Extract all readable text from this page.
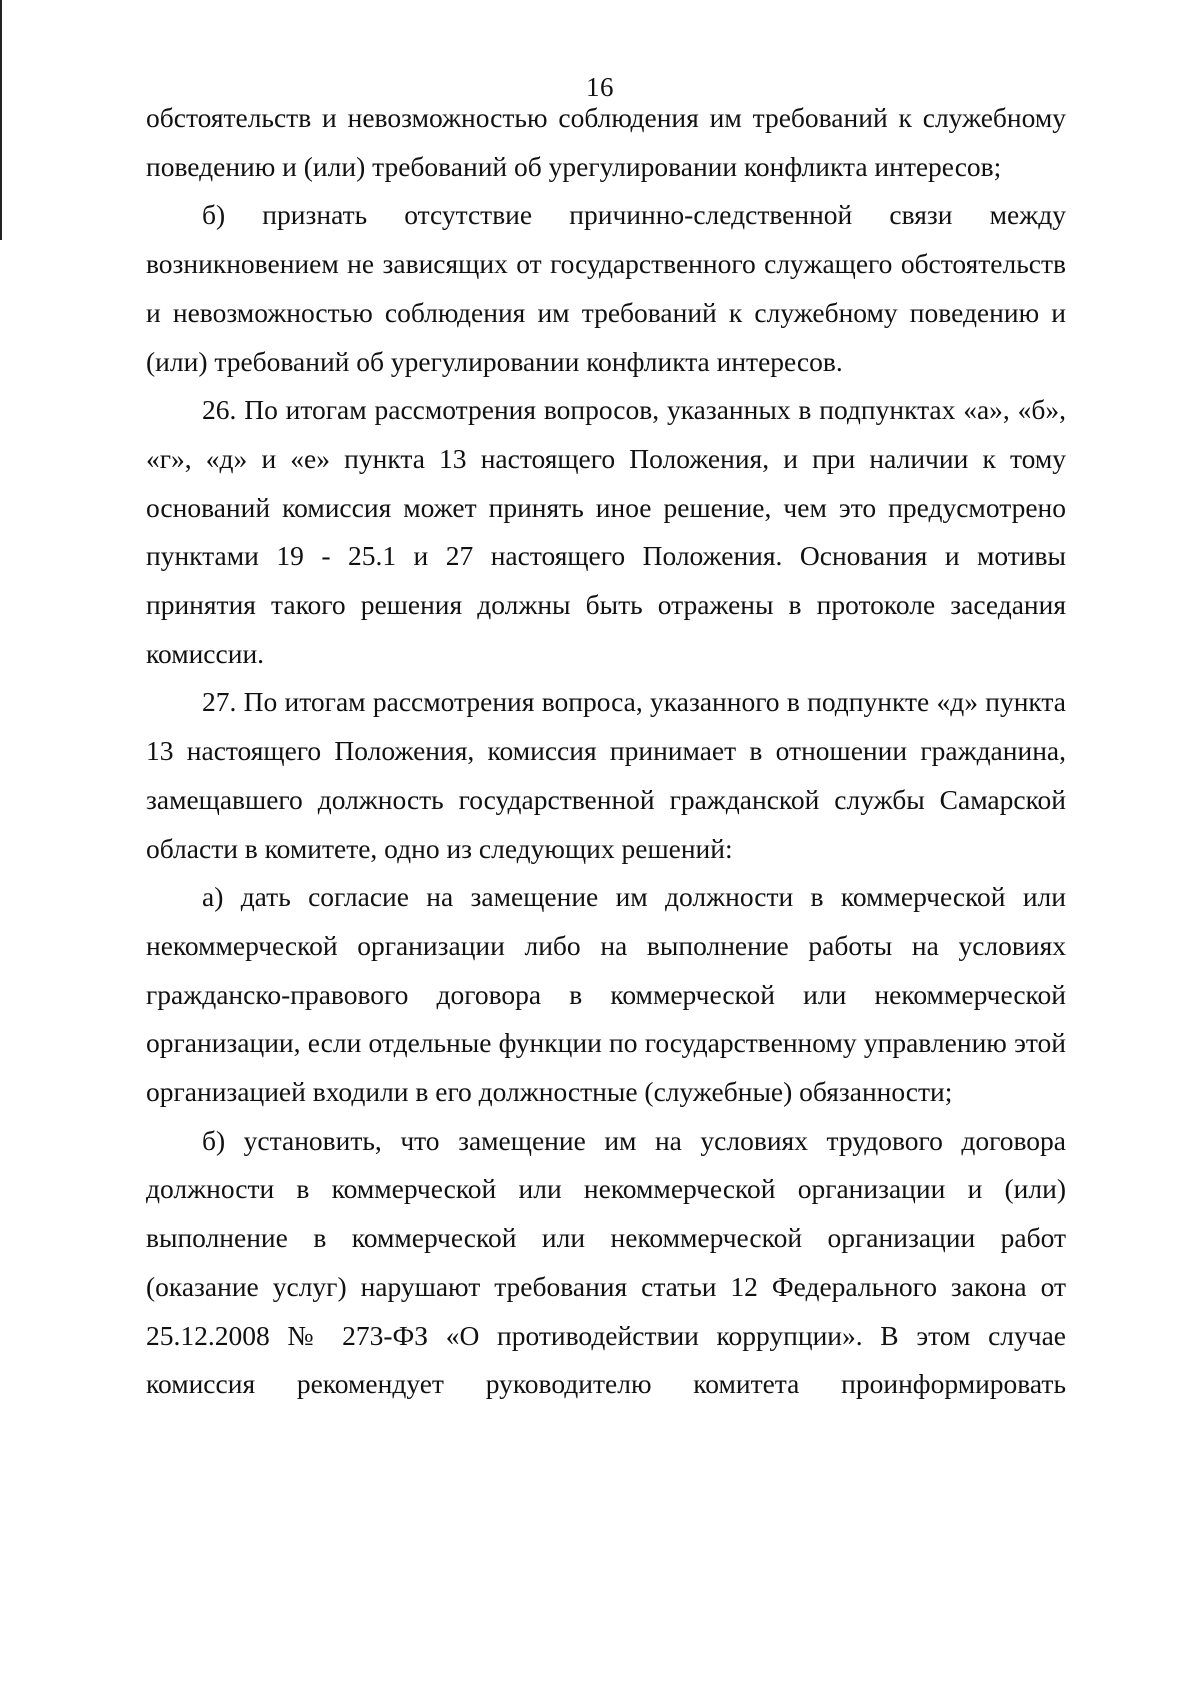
16

обстоятельств и невозможностью соблюдения им требований к служебному поведению и (или) требований об урегулировании конфликта интересов;

б) признать отсутствие причинно-следственной связи между возникновением не зависящих от государственного служащего обстоятельств и невозможностью соблюдения им требований к служебному поведению и (или) требований об урегулировании конфликта интересов.

26. По итогам рассмотрения вопросов, указанных в подпунктах «а», «б», «г», «д» и «е» пункта 13 настоящего Положения, и при наличии к тому оснований комиссия может принять иное решение, чем это предусмотрено пунктами 19 - 25.1 и 27 настоящего Положения. Основания и мотивы принятия такого решения должны быть отражены в протоколе заседания комиссии.

27. По итогам рассмотрения вопроса, указанного в подпункте «д» пункта 13 настоящего Положения, комиссия принимает в отношении гражданина, замещавшего должность государственной гражданской службы Самарской области в комитете, одно из следующих решений:

а) дать согласие на замещение им должности в коммерческой или некоммерческой организации либо на выполнение работы на условиях гражданско-правового договора в коммерческой или некоммерческой организации, если отдельные функции по государственному управлению этой организацией входили в его должностные (служебные) обязанности;

б) установить, что замещение им на условиях трудового договора должности в коммерческой или некоммерческой организации и (или) выполнение в коммерческой или некоммерческой организации работ (оказание услуг) нарушают требования статьи 12 Федерального закона от 25.12.2008 № 273-ФЗ «О противодействии коррупции». В этом случае комиссия рекомендует руководителю комитета проинформировать
